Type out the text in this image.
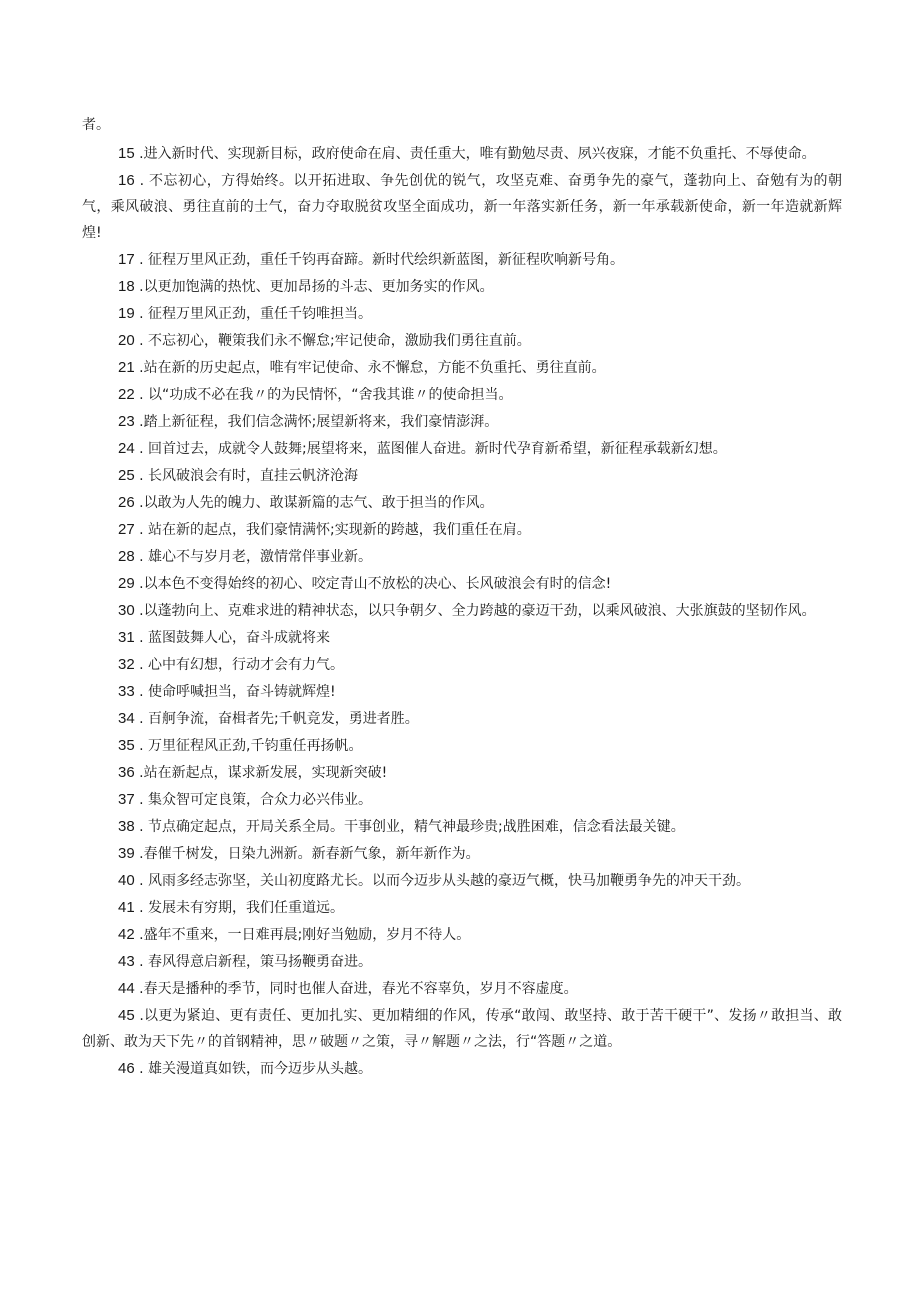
者。

15 .进入新时代、实现新目标，政府使命在肩、责任重大，唯有勤勉尽责、夙兴夜寐，才能不负重托、不辱使命。

16 . 不忘初心，方得始终。以开拓进取、争先创优的锐气，攻坚克难、奋勇争先的豪气，蓬勃向上、奋勉有为的朝气，乘风破浪、勇往直前的士气，奋力夺取脱贫攻坚全面成功，新一年落实新任务，新一年承载新使命，新一年造就新辉煌!

17 . 征程万里风正劲，重任千钧再奋蹄。新时代绘织新蓝图，新征程吹响新号角。

18 .以更加饱满的热忱、更加昂扬的斗志、更加务实的作风。

19 . 征程万里风正劲，重任千钧唯担当。

20 . 不忘初心，鞭策我们永不懈怠;牢记使命，激励我们勇往直前。

21 .站在新的历史起点，唯有牢记使命、永不懈怠，方能不负重托、勇往直前。

22 . 以“功成不必在我〃的为民情怀，“舍我其谁〃的使命担当。

23 .踏上新征程，我们信念满怀;展望新将来，我们豪情澎湃。

24 . 回首过去，成就令人鼓舞;展望将来，蓝图催人奋进。新时代孕育新希望，新征程承载新幻想。

25 . 长风破浪会有时，直挂云帆济沧海

26 .以敢为人先的魄力、敢谋新篇的志气、敢于担当的作风。

27 . 站在新的起点，我们豪情满怀;实现新的跨越，我们重任在肩。

28 . 雄心不与岁月老，激情常伴事业新。

29 .以本色不变得始终的初心、咬定青山不放松的决心、长风破浪会有时的信念!

30 .以蓬勃向上、克难求进的精神状态，以只争朝夕、全力跨越的豪迈干劲，以乘风破浪、大张旗鼓的坚韧作风。

31 . 蓝图鼓舞人心，奋斗成就将来

32 . 心中有幻想，行动才会有力气。

33 . 使命呼喊担当，奋斗铸就辉煌!

34 . 百舸争流，奋楫者先;千帆竞发，勇进者胜。

35 . 万里征程风正劲,千钧重任再扬帆。

36 .站在新起点，谋求新发展，实现新突破!

37 . 集众智可定良策，合众力必兴伟业。

38 . 节点确定起点，开局关系全局。干事创业，精气神最珍贵;战胜困难，信念看法最关键。

39 .春催千树发，日染九洲新。新春新气象，新年新作为。

40 . 风雨多经志弥坚，关山初度路尤长。以而今迈步从头越的豪迈气概，快马加鞭勇争先的冲天干劲。

41 . 发展未有穷期，我们任重道远。

42 .盛年不重来，一日难再晨;刚好当勉励，岁月不待人。

43 . 春风得意启新程，策马扬鞭勇奋进。

44 .春天是播种的季节，同时也催人奋进，春光不容辜负，岁月不容虚度。

45 .以更为紧迫、更有责任、更加扎实、更加精细的作风，传承“敢闯、敢坚持、敢于苦干硬干”、发扬〃敢担当、敢创新、敢为天下先〃的首钢精神，思〃破题〃之策，寻〃解题〃之法，行“答题〃之道。

46 . 雄关漫道真如铁，而今迈步从头越。
